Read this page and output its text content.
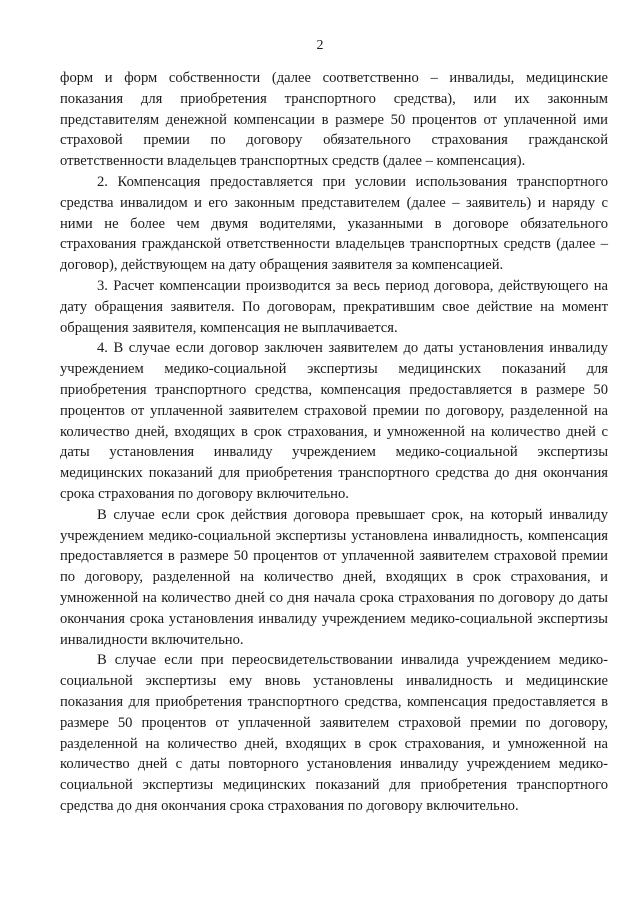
2

форм и форм собственности (далее соответственно – инвалиды, медицинские показания для приобретения транспортного средства), или их законным представителям денежной компенсации в размере 50 процентов от уплаченной ими страховой премии по договору обязательного страхования гражданской ответственности владельцев транспортных средств (далее – компенсация).

2. Компенсация предоставляется при условии использования транспортного средства инвалидом и его законным представителем (далее – заявитель) и наряду с ними не более чем двумя водителями, указанными в договоре обязательного страхования гражданской ответственности владельцев транспортных средств (далее – договор), действующем на дату обращения заявителя за компенсацией.

3. Расчет компенсации производится за весь период договора, действующего на дату обращения заявителя. По договорам, прекратившим свое действие на момент обращения заявителя, компенсация не выплачивается.

4. В случае если договор заключен заявителем до даты установления инвалиду учреждением медико-социальной экспертизы медицинских показаний для приобретения транспортного средства, компенсация предоставляется в размере 50 процентов от уплаченной заявителем страховой премии по договору, разделенной на количество дней, входящих в срок страхования, и умноженной на количество дней с даты установления инвалиду учреждением медико-социальной экспертизы медицинских показаний для приобретения транспортного средства до дня окончания срока страхования по договору включительно.

В случае если срок действия договора превышает срок, на который инвалиду учреждением медико-социальной экспертизы установлена инвалидность, компенсация предоставляется в размере 50 процентов от уплаченной заявителем страховой премии по договору, разделенной на количество дней, входящих в срок страхования, и умноженной на количество дней со дня начала срока страхования по договору до даты окончания срока установления инвалиду учреждением медико-социальной экспертизы инвалидности включительно.

В случае если при переосвидетельствовании инвалида учреждением медико-социальной экспертизы ему вновь установлены инвалидность и медицинские показания для приобретения транспортного средства, компенсация предоставляется в размере 50 процентов от уплаченной заявителем страховой премии по договору, разделенной на количество дней, входящих в срок страхования, и умноженной на количество дней с даты повторного установления инвалиду учреждением медико-социальной экспертизы медицинских показаний для приобретения транспортного средства до дня окончания срока страхования по договору включительно.
